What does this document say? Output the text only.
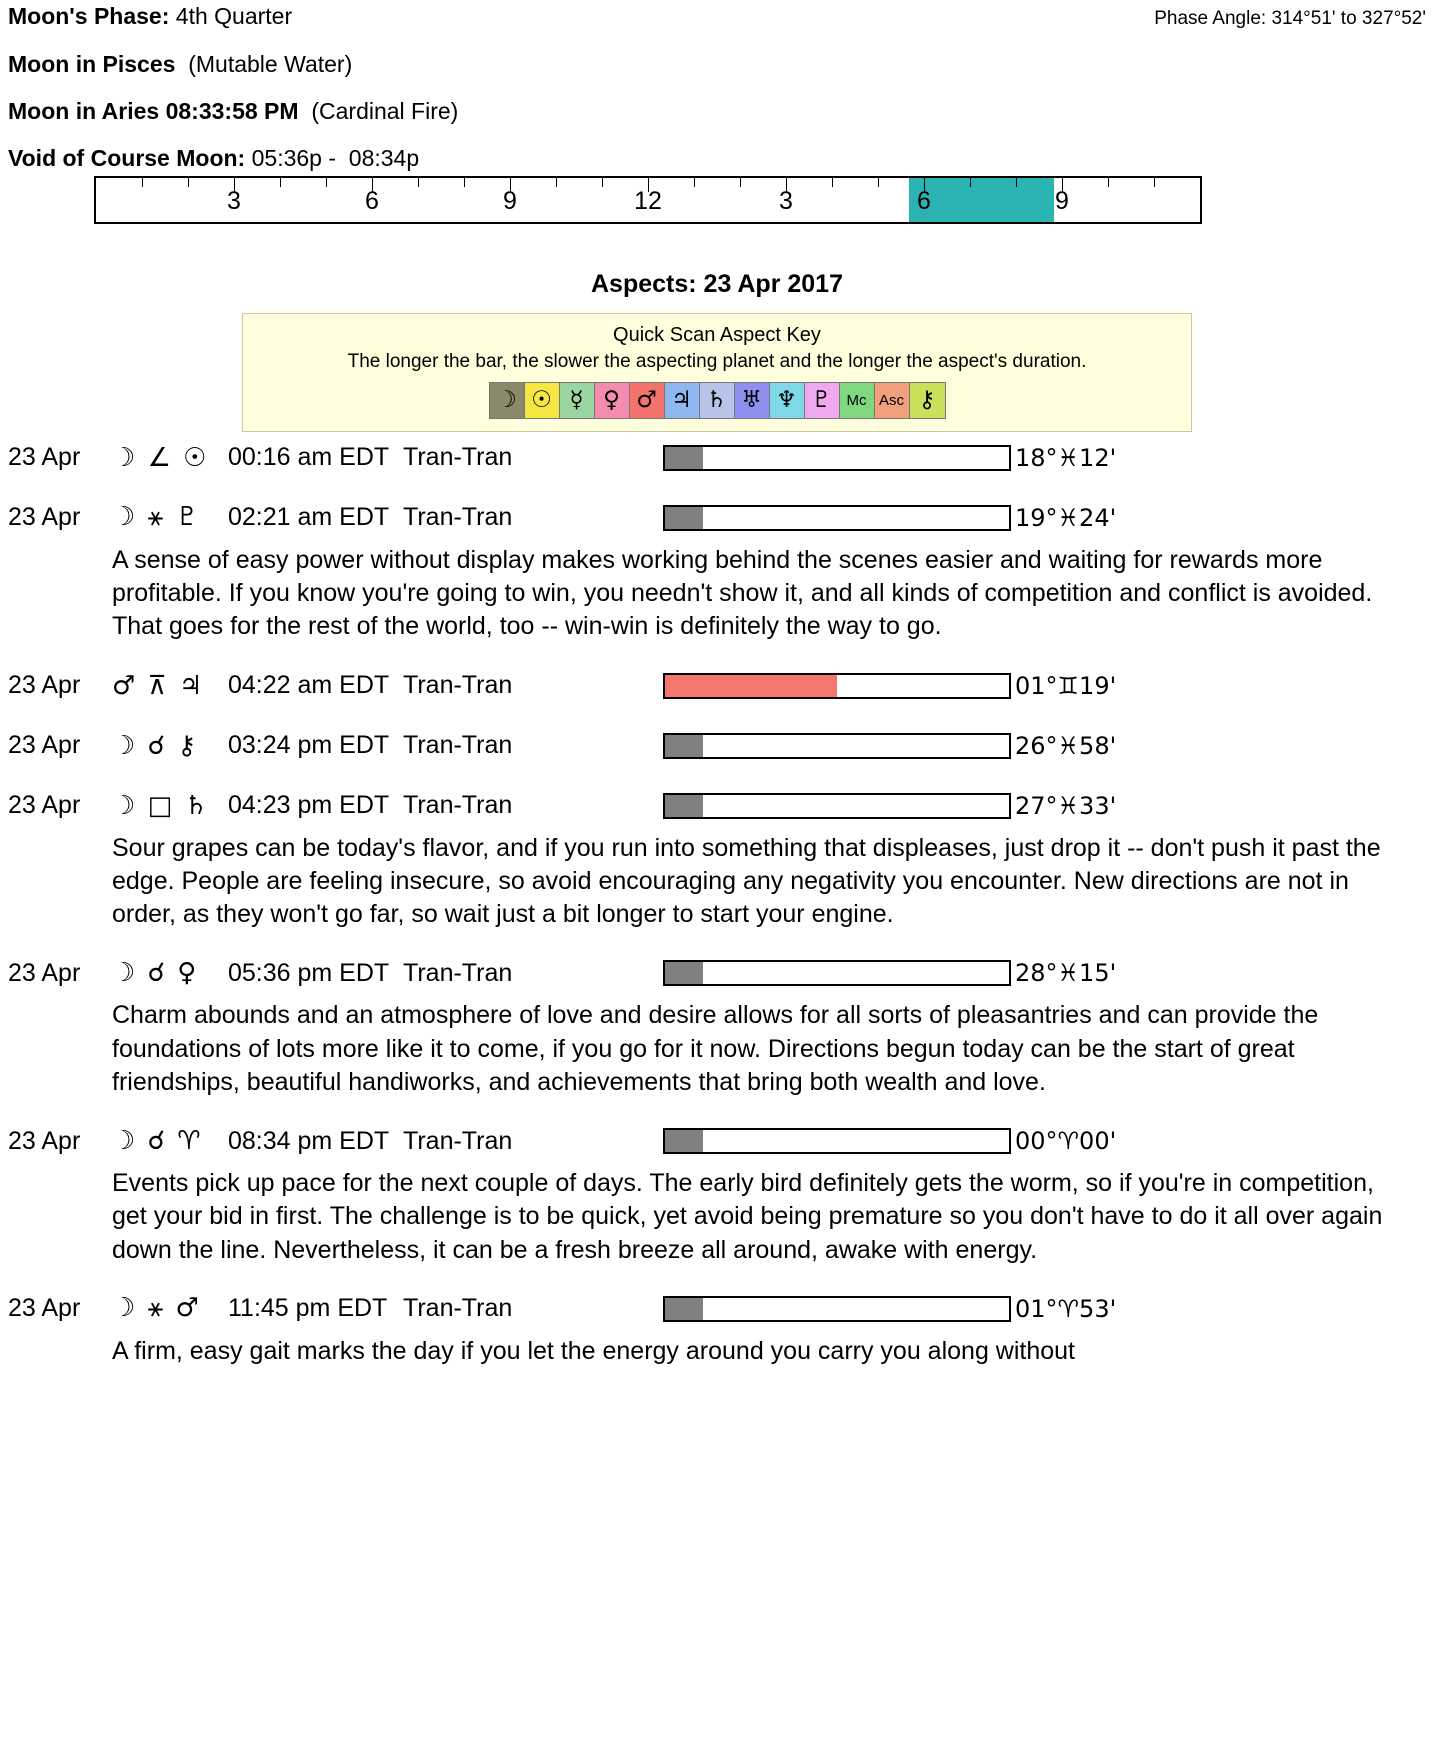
Moon's Phase: 4th Quarter	Phase Angle: 314°51' to 327°52'
Moon in Pisces (Mutable Water)
Moon in Aries 08:33:58 PM (Cardinal Fire)
Void of Course Moon: 05:36p -  08:34p
3	6	9	12	3	6	9
Aspects: 23 Apr 2017
Quick Scan Aspect Key
The longer the bar, the slower the aspecting planet and the longer the aspect's duration.
☽ ☉ ☿ ♀ ♂ ♃ ♄ ♅ ♆ ♇ Mc Asc ⚷
23 Apr	☽ ∠ ☉ 00:16 am EDT Tran-Tran	18°♓12'
23 Apr	☽ ⚹ ♇	02:21 am EDT Tran-Tran	19°♓24'
A sense of easy power without display makes working behind the scenes easier and waiting for rewards more profitable. If you know you're going to win, you needn't show it, and all kinds of competition and conflict is avoided. That goes for the rest of the world, too -- win-win is definitely the way to go.
23 Apr	♂ ⊼ ♃ 04:22 am EDT Tran-Tran	01°♊19'
23 Apr	☽ ☌ ⚷	03:24 pm EDT Tran-Tran	26°♓58'
23 Apr	☽ □ ♄ 04:23 pm EDT Tran-Tran	27°♓33'
Sour grapes can be today's flavor, and if you run into something that displeases, just drop it -- don't push it past the edge. People are feeling insecure, so avoid encouraging any negativity you encounter. New directions are not in order, as they won't go far, so wait just a bit longer to start your engine.
23 Apr	☽ ☌ ♀	05:36 pm EDT Tran-Tran	28°♓15'
Charm abounds and an atmosphere of love and desire allows for all sorts of pleasantries and can provide the foundations of lots more like it to come, if you go for it now. Directions begun today can be the start of great friendships, beautiful handiworks, and achievements that bring both wealth and love.
23 Apr	☽ ☌ ♈	08:34 pm EDT Tran-Tran	00°♈00'
Events pick up pace for the next couple of days. The early bird definitely gets the worm, so if you're in competition, get your bid in first. The challenge is to be quick, yet avoid being premature so you don't have to do it all over again down the line. Nevertheless, it can be a fresh breeze all around, awake with energy.
23 Apr	☽ ⚹ ♂	11:45 pm EDT Tran-Tran	01°♈53'
A firm, easy gait marks the day if you let the energy around you carry you along without
